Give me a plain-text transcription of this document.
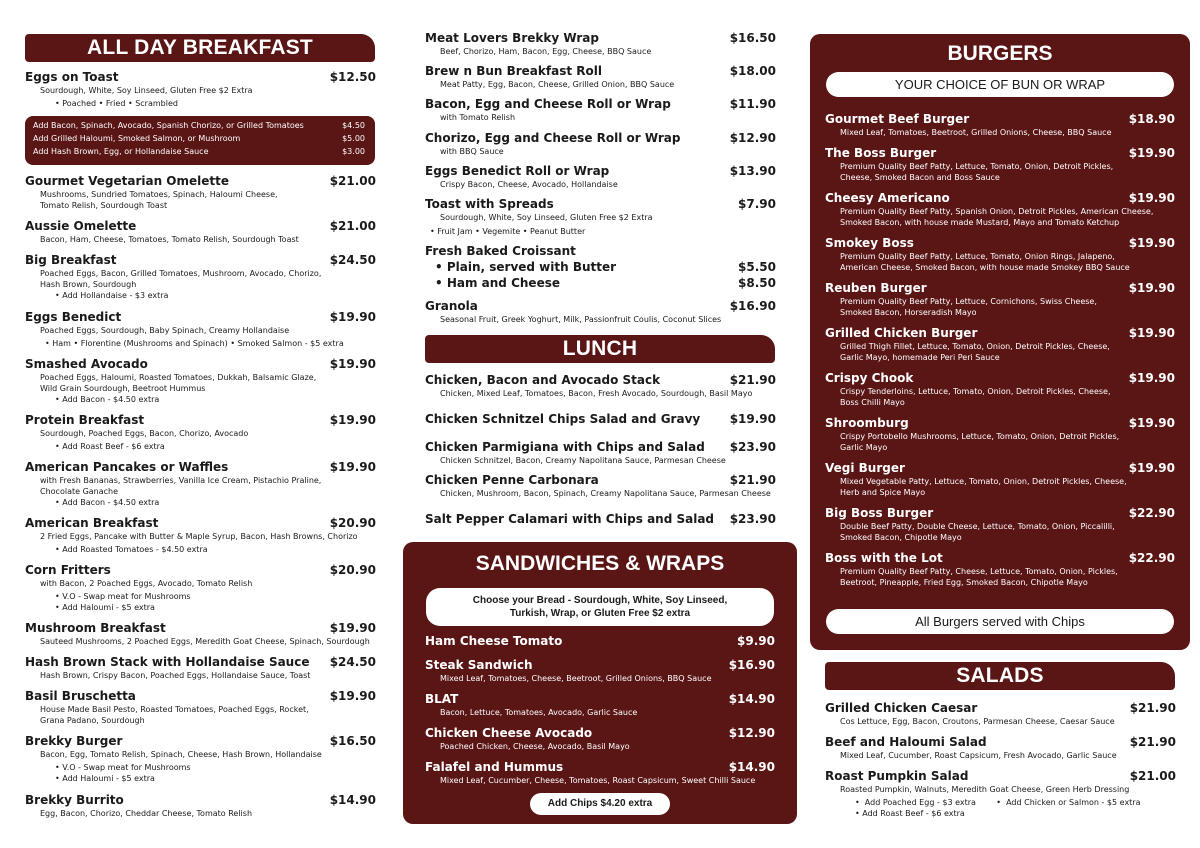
ALL DAY BREAKFAST
Eggs on Toast	$12.50
Sourdough, White, Soy Linseed, Gluten Free $2 Extra
• Poached • Fried • Scrambled
Add Bacon, Spinach, Avocado, Spanish Chorizo, or Grilled Tomatoes	$4.50
Add Grilled Haloumi, Smoked Salmon, or Mushroom	$5.00
Add Hash Brown, Egg, or Hollandaise Sauce	$3.00
Gourmet Vegetarian Omelette	$21.00
Mushrooms, Sundried Tomatoes, Spinach, Haloumi Cheese,
Tomato Relish, Sourdough Toast
Aussie Omelette	$21.00
Bacon, Ham, Cheese, Tomatoes, Tomato Relish, Sourdough Toast
Big Breakfast	$24.50
Poached Eggs, Bacon, Grilled Tomatoes, Mushroom, Avocado, Chorizo,
Hash Brown, Sourdough
• Add Hollandaise - $3 extra
Eggs Benedict	$19.90
Poached Eggs, Sourdough, Baby Spinach, Creamy Hollandaise
• Ham • Florentine (Mushrooms and Spinach) • Smoked Salmon - $5 extra
Smashed Avocado	$19.90
Poached Eggs, Haloumi, Roasted Tomatoes, Dukkah, Balsamic Glaze,
Wild Grain Sourdough, Beetroot Hummus
• Add Bacon - $4.50 extra
Protein Breakfast	$19.90
Sourdough, Poached Eggs, Bacon, Chorizo, Avocado
• Add Roast Beef - $6 extra
American Pancakes or Waffles	$19.90
with Fresh Bananas, Strawberries, Vanilla Ice Cream, Pistachio Praline,
Chocolate Ganache
• Add Bacon - $4.50 extra
American Breakfast	$20.90
2 Fried Eggs, Pancake with Butter & Maple Syrup, Bacon, Hash Browns, Chorizo
• Add Roasted Tomatoes - $4.50 extra
Corn Fritters	$20.90
with Bacon, 2 Poached Eggs, Avocado, Tomato Relish
• V.O - Swap meat for Mushrooms
• Add Haloumi - $5 extra
Mushroom Breakfast	$19.90
Sauteed Mushrooms, 2 Poached Eggs, Meredith Goat Cheese, Spinach, Sourdough
Hash Brown Stack with Hollandaise Sauce	$24.50
Hash Brown, Crispy Bacon, Poached Eggs, Hollandaise Sauce, Toast
Basil Bruschetta	$19.90
House Made Basil Pesto, Roasted Tomatoes, Poached Eggs, Rocket,
Grana Padano, Sourdough
Brekky Burger	$16.50
Bacon, Egg, Tomato Relish, Spinach, Cheese, Hash Brown, Hollandaise
• V.O - Swap meat for Mushrooms
• Add Haloumi - $5 extra
Brekky Burrito	$14.90
Egg, Bacon, Chorizo, Cheddar Cheese, Tomato Relish
Meat Lovers Brekky Wrap	$16.50
Beef, Chorizo, Ham, Bacon, Egg, Cheese, BBQ Sauce
Brew n Bun Breakfast Roll	$18.00
Meat Patty, Egg, Bacon, Cheese, Grilled Onion, BBQ Sauce
Bacon, Egg and Cheese Roll or Wrap	$11.90
with Tomato Relish
Chorizo, Egg and Cheese Roll or Wrap	$12.90
with BBQ Sauce
Eggs Benedict Roll or Wrap	$13.90
Crispy Bacon, Cheese, Avocado, Hollandaise
Toast with Spreads	$7.90
Sourdough, White, Soy Linseed, Gluten Free $2 Extra
• Fruit Jam • Vegemite • Peanut Butter
Fresh Baked Croissant
• Plain, served with Butter	$5.50
• Ham and Cheese	$8.50
Granola	$16.90
Seasonal Fruit, Greek Yoghurt, Milk, Passionfruit Coulis, Coconut Slices
LUNCH
Chicken, Bacon and Avocado Stack	$21.90
Chicken, Mixed Leaf, Tomatoes, Bacon, Fresh Avocado, Sourdough, Basil Mayo
Chicken Schnitzel Chips Salad and Gravy	$19.90
Chicken Parmigiana with Chips and Salad	$23.90
Chicken Schnitzel, Bacon, Creamy Napolitana Sauce, Parmesan Cheese
Chicken Penne Carbonara	$21.90
Chicken, Mushroom, Bacon, Spinach, Creamy Napolitana Sauce, Parmesan Cheese
Salt Pepper Calamari with Chips and Salad	$23.90
SANDWICHES & WRAPS
Choose your Bread - Sourdough, White, Soy Linseed,
Turkish, Wrap, or Gluten Free $2 extra
Ham Cheese Tomato	$9.90
Steak Sandwich	$16.90
Mixed Leaf, Tomatoes, Cheese, Beetroot, Grilled Onions, BBQ Sauce
BLAT	$14.90
Bacon, Lettuce, Tomatoes, Avocado, Garlic Sauce
Chicken Cheese Avocado	$12.90
Poached Chicken, Cheese, Avocado, Basil Mayo
Falafel and Hummus	$14.90
Mixed Leaf, Cucumber, Cheese, Tomatoes, Roast Capsicum, Sweet Chilli Sauce
Add Chips $4.20 extra
BURGERS
YOUR CHOICE OF BUN OR WRAP
Gourmet Beef Burger	$18.90
Mixed Leaf, Tomatoes, Beetroot, Grilled Onions, Cheese, BBQ Sauce
The Boss Burger	$19.90
Premium Quality Beef Patty, Lettuce, Tomato, Onion, Detroit Pickles,
Cheese, Smoked Bacon and Boss Sauce
Cheesy Americano	$19.90
Premium Quality Beef Patty, Spanish Onion, Detroit Pickles, American Cheese,
Smoked Bacon, with house made Mustard, Mayo and Tomato Ketchup
Smokey Boss	$19.90
Premium Quality Beef Patty, Lettuce, Tomato, Onion Rings, Jalapeno,
American Cheese, Smoked Bacon, with house made Smokey BBQ Sauce
Reuben Burger	$19.90
Premium Quality Beef Patty, Lettuce, Cornichons, Swiss Cheese,
Smoked Bacon, Horseradish Mayo
Grilled Chicken Burger	$19.90
Grilled Thigh Fillet, Lettuce, Tomato, Onion, Detroit Pickles, Cheese,
Garlic Mayo, homemade Peri Peri Sauce
Crispy Chook	$19.90
Crispy Tenderloins, Lettuce, Tomato, Onion, Detroit Pickles, Cheese,
Boss Chilli Mayo
Shroomburg	$19.90
Crispy Portobello Mushrooms, Lettuce, Tomato, Onion, Detroit Pickles,
Garlic Mayo
Vegi Burger	$19.90
Mixed Vegetable Patty, Lettuce, Tomato, Onion, Detroit Pickles, Cheese,
Herb and Spice Mayo
Big Boss Burger	$22.90
Double Beef Patty, Double Cheese, Lettuce, Tomato, Onion, Piccalilli,
Smoked Bacon, Chipotle Mayo
Boss with the Lot	$22.90
Premium Quality Beef Patty, Cheese, Lettuce, Tomato, Onion, Pickles,
Beetroot, Pineapple, Fried Egg, Smoked Bacon, Chipotle Mayo
All Burgers served with Chips
SALADS
Grilled Chicken Caesar	$21.90
Cos Lettuce, Egg, Bacon, Croutons, Parmesan Cheese, Caesar Sauce
Beef and Haloumi Salad	$21.90
Mixed Leaf, Cucumber, Roast Capsicum, Fresh Avocado, Garlic Sauce
Roast Pumpkin Salad	$21.00
Roasted Pumpkin, Walnuts, Meredith Goat Cheese, Green Herb Dressing
•  Add Poached Egg - $3 extra        •  Add Chicken or Salmon - $5 extra
• Add Roast Beef - $6 extra
